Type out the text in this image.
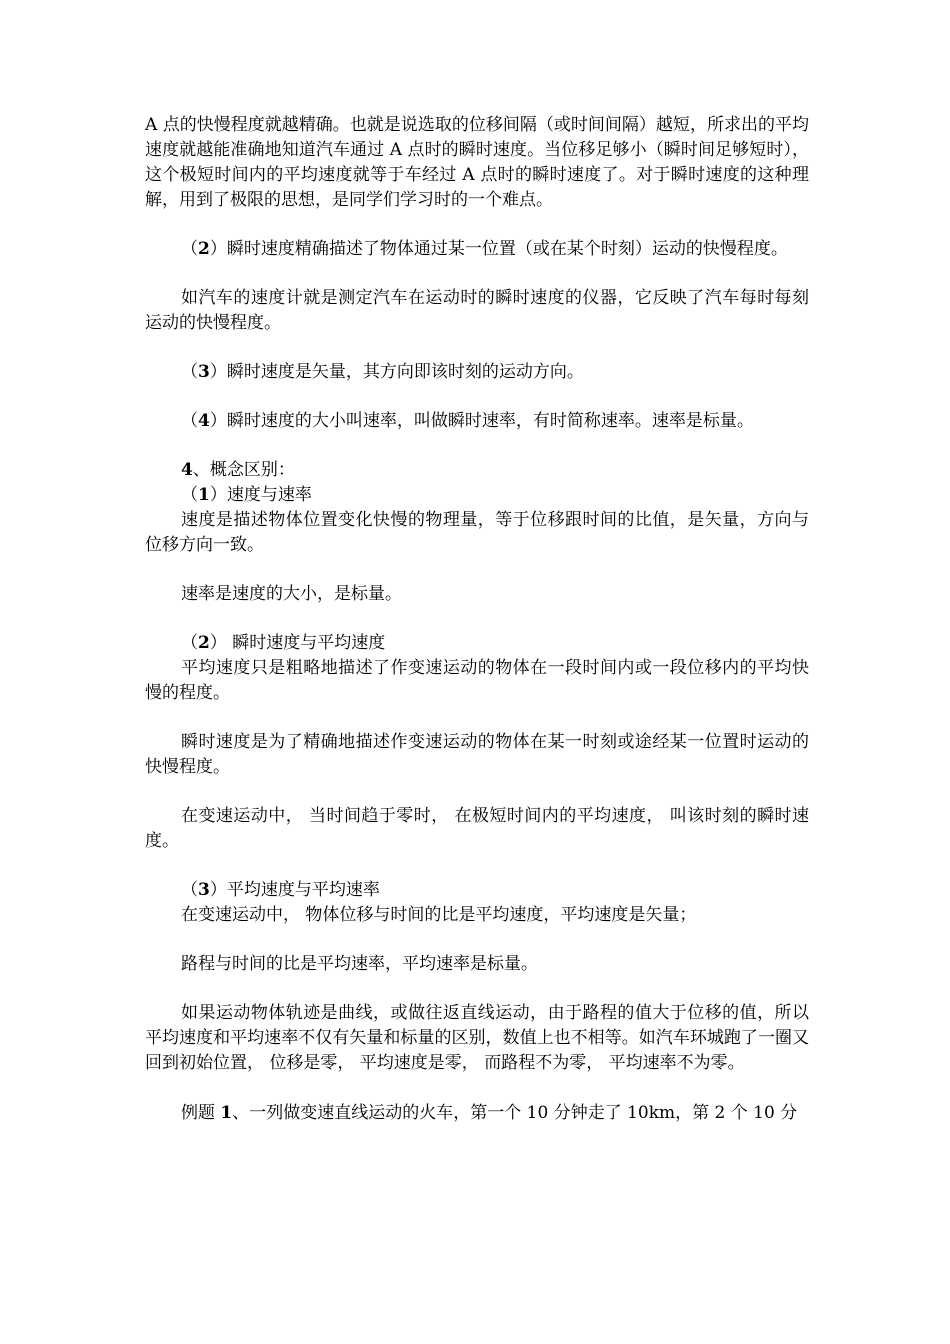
A 点的快慢程度就越精确。也就是说选取的位移间隔（或时间间隔）越短，所求出的平均速度就越能准确地知道汽车通过 A 点时的瞬时速度。当位移足够小（瞬时间足够短时），这个极短时间内的平均速度就等于车经过 A 点时的瞬时速度了。对于瞬时速度的这种理解，用到了极限的思想，是同学们学习时的一个难点。

（2）瞬时速度精确描述了物体通过某一位置（或在某个时刻）运动的快慢程度。

如汽车的速度计就是测定汽车在运动时的瞬时速度的仪器，它反映了汽车每时每刻运动的快慢程度。

（3）瞬时速度是矢量，其方向即该时刻的运动方向。

（4）瞬时速度的大小叫速率，叫做瞬时速率，有时简称速率。速率是标量。

4、概念区别：

（1）速度与速率

速度是描述物体位置变化快慢的物理量，等于位移跟时间的比值，是矢量，方向与位移方向一致。

速率是速度的大小，是标量。

（2） 瞬时速度与平均速度

平均速度只是粗略地描述了作变速运动的物体在一段时间内或一段位移内的平均快慢的程度。

瞬时速度是为了精确地描述作变速运动的物体在某一时刻或途经某一位置时运动的快慢程度。

在变速运动中， 当时间趋于零时， 在极短时间内的平均速度， 叫该时刻的瞬时速度。

（3）平均速度与平均速率

在变速运动中， 物体位移与时间的比是平均速度，平均速度是矢量；

路程与时间的比是平均速率，平均速率是标量。

如果运动物体轨迹是曲线，或做往返直线运动，由于路程的值大于位移的值，所以平均速度和平均速率不仅有矢量和标量的区别，数值上也不相等。如汽车环城跑了一圈又回到初始位置， 位移是零， 平均速度是零， 而路程不为零， 平均速率不为零。

例题 1、一列做变速直线运动的火车，第一个 10 分钟走了 10km，第 2 个 10 分
